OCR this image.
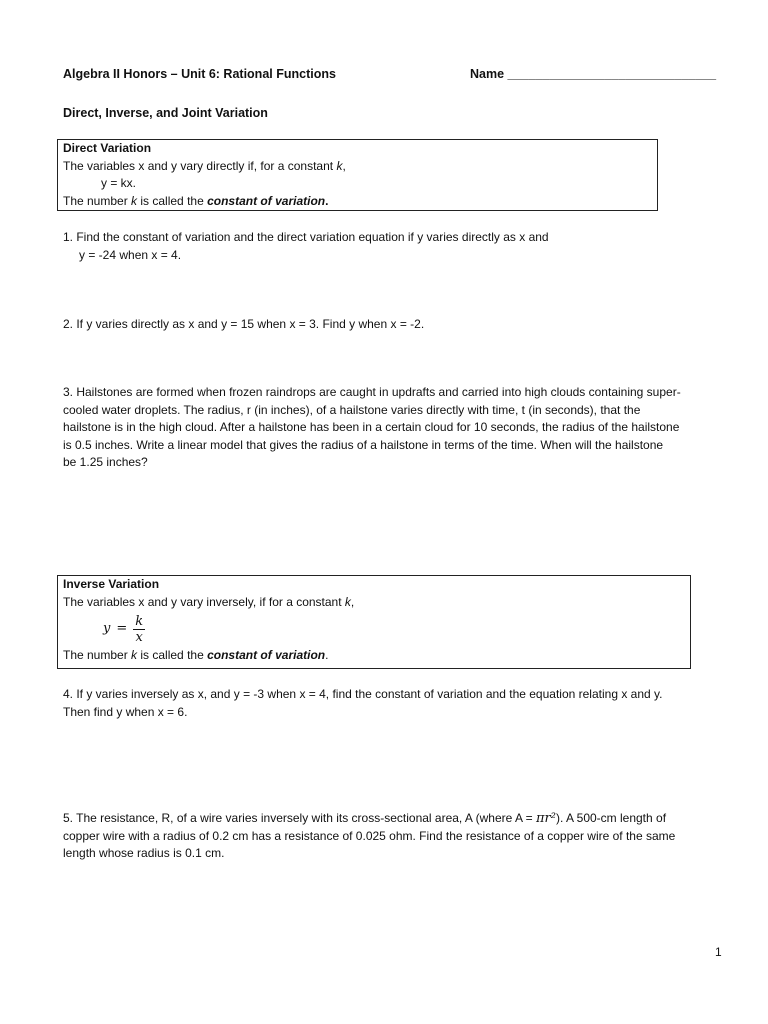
Algebra II Honors – Unit 6: Rational Functions	Name ______________________________
Direct, Inverse, and Joint Variation
Direct Variation
The variables x and y vary directly if, for a constant k,
y = kx.
The number k is called the constant of variation.
1. Find the constant of variation and the direct variation equation if y varies directly as x and
y = -24 when x = 4.
2. If y varies directly as x and y = 15 when x = 3. Find y when x = -2.
3. Hailstones are formed when frozen raindrops are caught in updrafts and carried into high clouds containing super-
cooled water droplets. The radius, r (in inches), of a hailstone varies directly with time, t (in seconds), that the
hailstone is in the high cloud. After a hailstone has been in a certain cloud for 10 seconds, the radius of the hailstone
is 0.5 inches. Write a linear model that gives the radius of a hailstone in terms of the time. When will the hailstone
be 1.25 inches?
Inverse Variation
The variables x and y vary inversely, if for a constant k,
$y = \frac{k}{x}$
The number k is called the constant of variation.
4. If y varies inversely as x, and y = -3 when x = 4, find the constant of variation and the equation relating x and y.
Then find y when x = 6.
5. The resistance, R, of a wire varies inversely with its cross-sectional area, A (where A = πr²). A 500-cm length of
copper wire with a radius of 0.2 cm has a resistance of 0.025 ohm. Find the resistance of a copper wire of the same
length whose radius is 0.1 cm.
1
